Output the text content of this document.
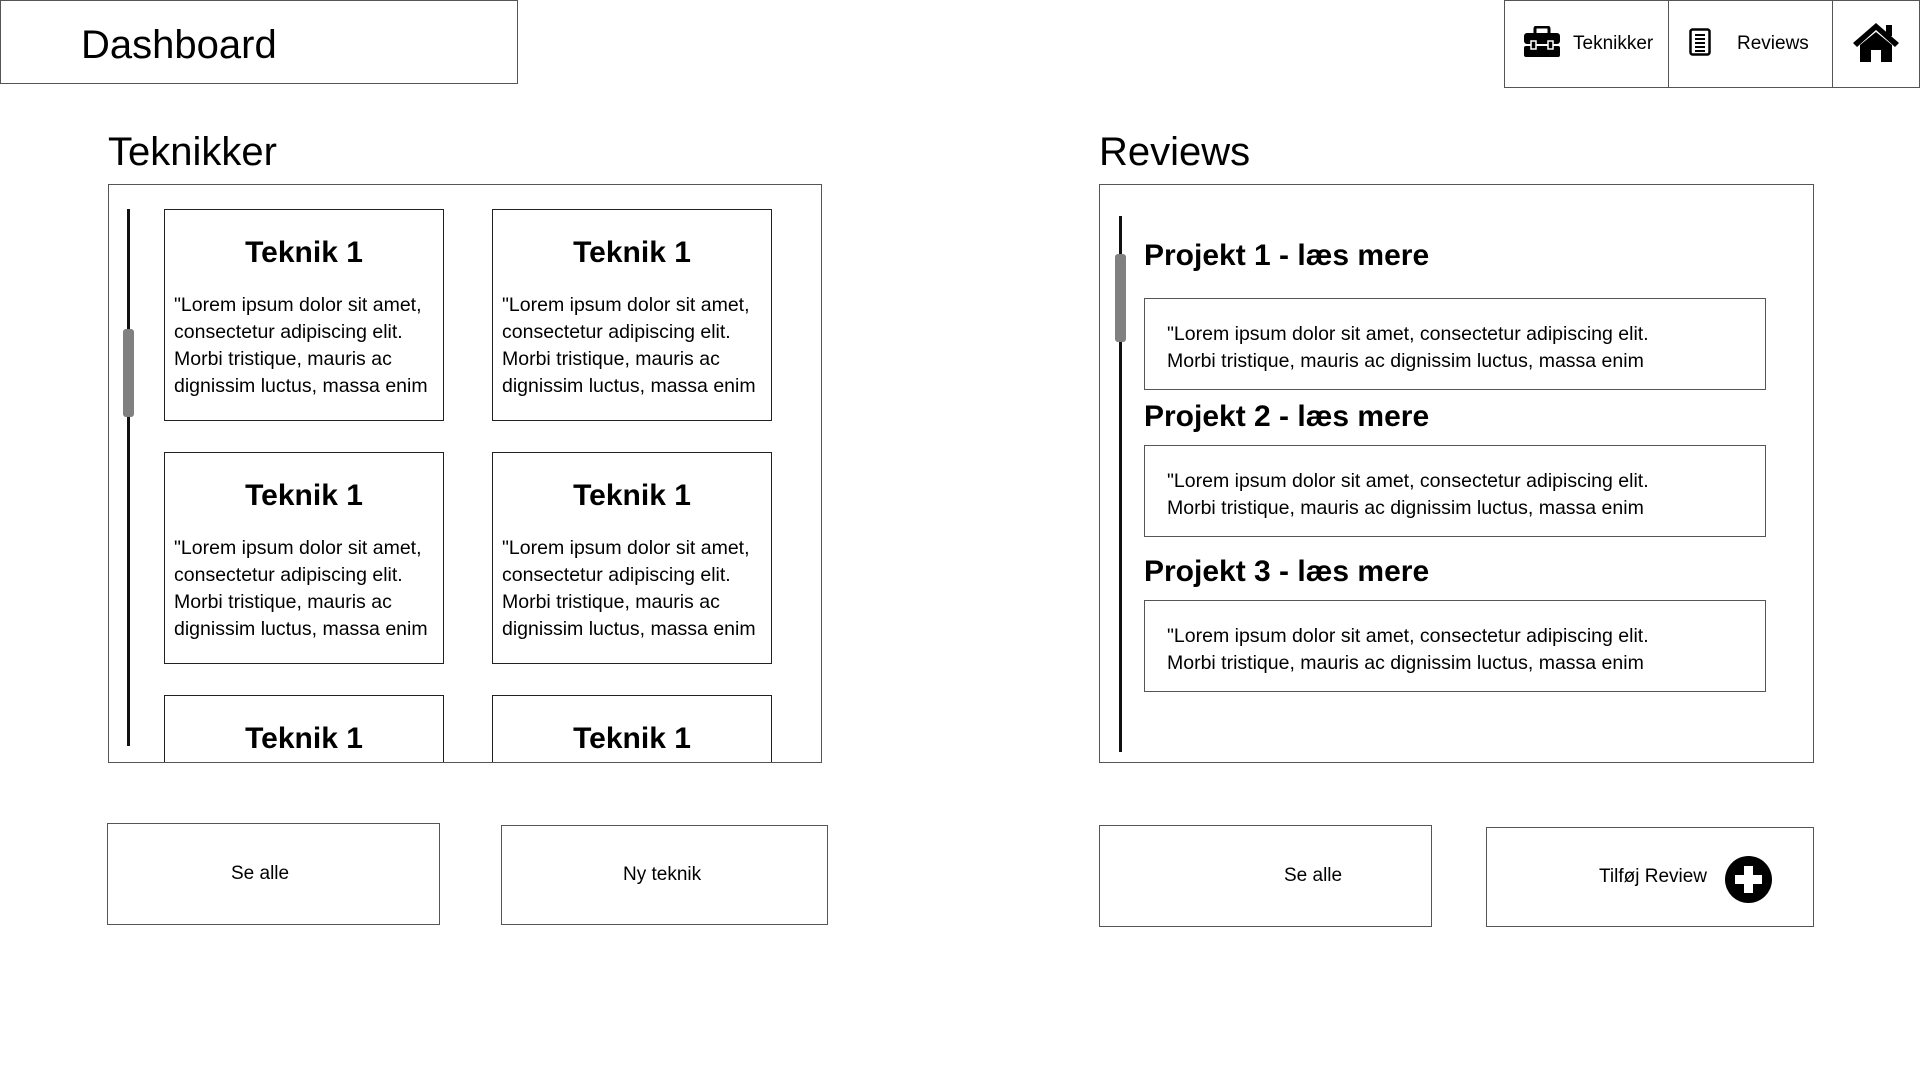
Dashboard	Teknikker	Reviews
Teknikker	Reviews
Teknik 1
"Lorem ipsum dolor sit amet,
consectetur adipiscing elit.
Morbi tristique, mauris ac
dignissim luctus, massa enim
Teknik 1
"Lorem ipsum dolor sit amet,
consectetur adipiscing elit.
Morbi tristique, mauris ac
dignissim luctus, massa enim
Teknik 1
"Lorem ipsum dolor sit amet,
consectetur adipiscing elit.
Morbi tristique, mauris ac
dignissim luctus, massa enim
Teknik 1
"Lorem ipsum dolor sit amet,
consectetur adipiscing elit.
Morbi tristique, mauris ac
dignissim luctus, massa enim
Teknik 1	Teknik 1
Projekt 1 - læs mere
"Lorem ipsum dolor sit amet, consectetur adipiscing elit.
Morbi tristique, mauris ac dignissim luctus, massa enim
Projekt 2 - læs mere
"Lorem ipsum dolor sit amet, consectetur adipiscing elit.
Morbi tristique, mauris ac dignissim luctus, massa enim
Projekt 3 - læs mere
"Lorem ipsum dolor sit amet, consectetur adipiscing elit.
Morbi tristique, mauris ac dignissim luctus, massa enim
Se alle	Ny teknik	Se alle	Tilføj Review
